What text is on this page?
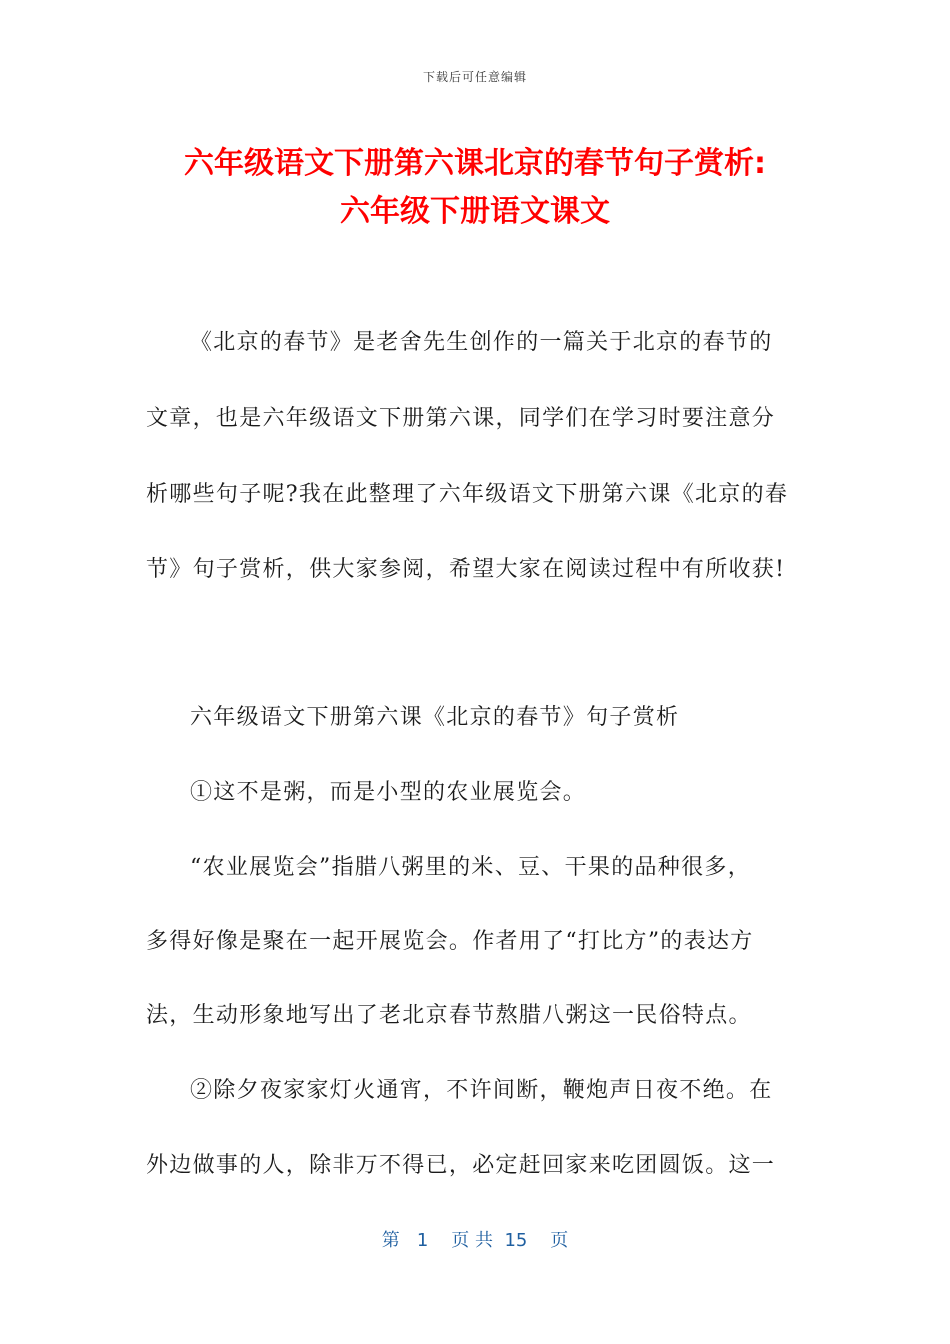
下载后可任意编辑
六年级语文下册第六课北京的春节句子赏析:
六年级下册语文课文
《北京的春节》是老舍先生创作的一篇关于北京的春节的
文章，也是六年级语文下册第六课，同学们在学习时要注意分
析哪些句子呢?我在此整理了六年级语文下册第六课《北京的春
节》句子赏析，供大家参阅，希望大家在阅读过程中有所收获!
六年级语文下册第六课《北京的春节》句子赏析
①这不是粥，而是小型的农业展览会。
“农业展览会”指腊八粥里的米、豆、干果的品种很多，
多得好像是聚在一起开展览会。作者用了“打比方”的表达方
法，生动形象地写出了老北京春节熬腊八粥这一民俗特点。
②除夕夜家家灯火通宵，不许间断，鞭炮声日夜不绝。在
外边做事的人，除非万不得已，必定赶回家来吃团圆饭。这一
第 1 页 共 15 页
